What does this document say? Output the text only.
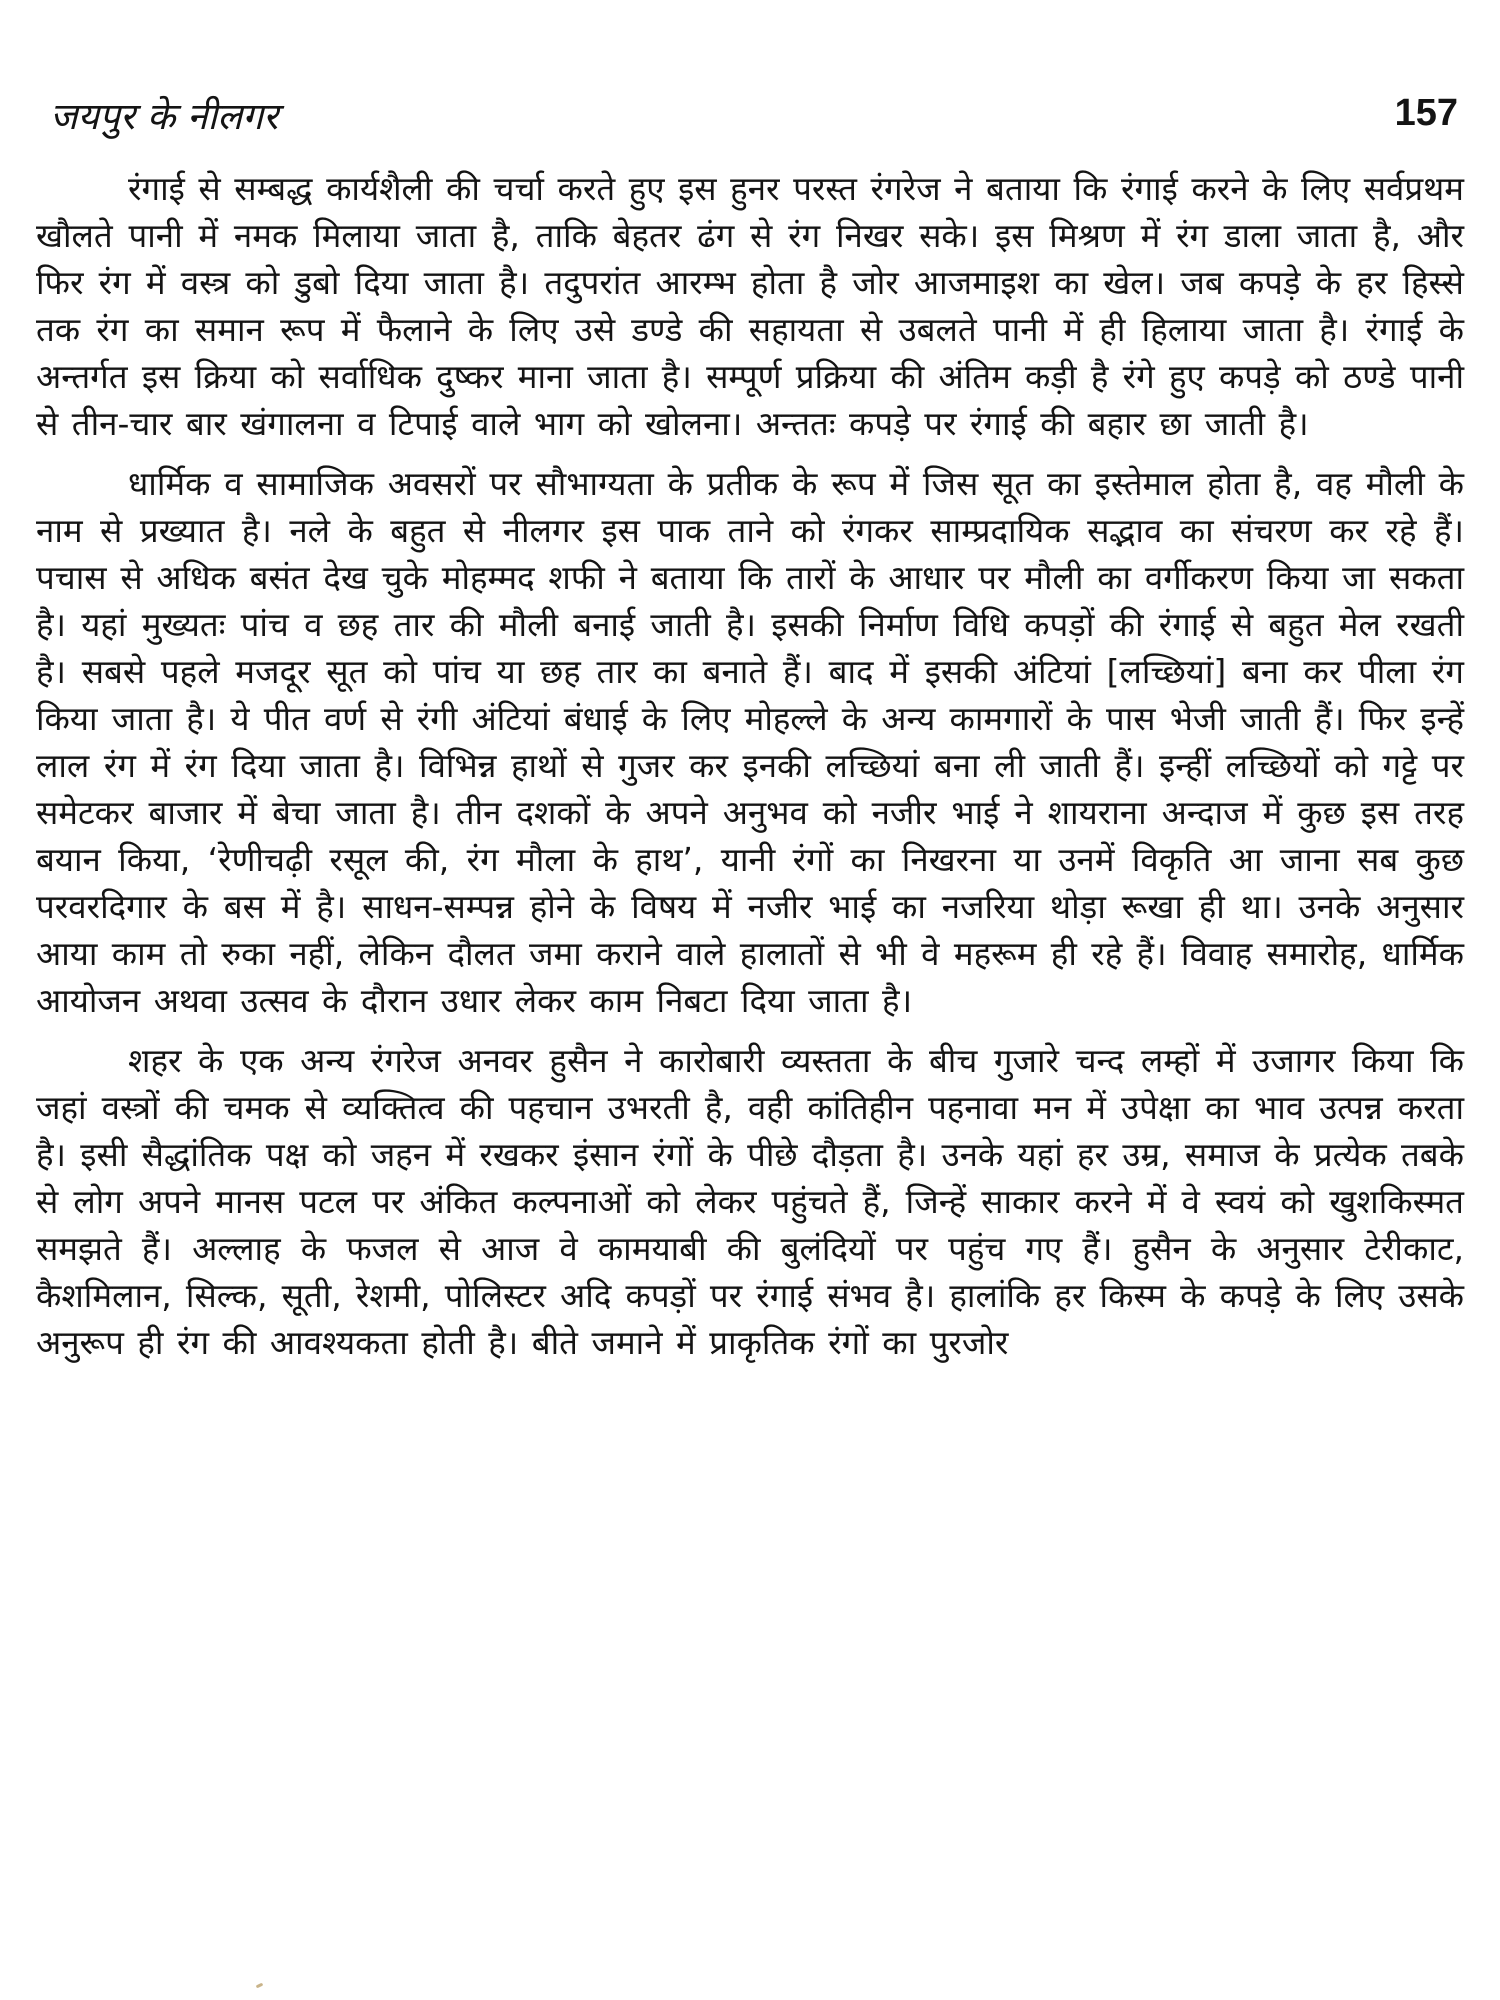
जयपुर के नीलगर	157

रंगाई से सम्बद्ध कार्यशैली की चर्चा करते हुए इस हुनर परस्त रंगरेज ने बताया कि रंगाई करने के लिए सर्वप्रथम खौलते पानी में नमक मिलाया जाता है, ताकि बेहतर ढंग से रंग निखर सके। इस मिश्रण में रंग डाला जाता है, और फिर रंग में वस्त्र को डुबो दिया जाता है। तदुपरांत आरम्भ होता है जोर आजमाइश का खेल। जब कपड़े के हर हिस्से तक रंग का समान रूप में फैलाने के लिए उसे डण्डे की सहायता से उबलते पानी में ही हिलाया जाता है। रंगाई के अन्तर्गत इस क्रिया को सर्वाधिक दुष्कर माना जाता है। सम्पूर्ण प्रक्रिया की अंतिम कड़ी है रंगे हुए कपड़े को ठण्डे पानी से तीन-चार बार खंगालना व टिपाई वाले भाग को खोलना। अन्ततः कपड़े पर रंगाई की बहार छा जाती है।

धार्मिक व सामाजिक अवसरों पर सौभाग्यता के प्रतीक के रूप में जिस सूत का इस्तेमाल होता है, वह मौली के नाम से प्रख्यात है। नले के बहुत से नीलगर इस पाक ताने को रंगकर साम्प्रदायिक सद्भाव का संचरण कर रहे हैं। पचास से अधिक बसंत देख चुके मोहम्मद शफी ने बताया कि तारों के आधार पर मौली का वर्गीकरण किया जा सकता है। यहां मुख्यतः पांच व छह तार की मौली बनाई जाती है। इसकी निर्माण विधि कपड़ों की रंगाई से बहुत मेल रखती है। सबसे पहले मजदूर सूत को पांच या छह तार का बनाते हैं। बाद में इसकी अंटियां [लच्छियां] बना कर पीला रंग किया जाता है। ये पीत वर्ण से रंगी अंटियां बंधाई के लिए मोहल्ले के अन्य कामगारों के पास भेजी जाती हैं। फिर इन्हें लाल रंग में रंग दिया जाता है। विभिन्न हाथों से गुजर कर इनकी लच्छियां बना ली जाती हैं। इन्हीं लच्छियों को गट्टे पर समेटकर बाजार में बेचा जाता है। तीन दशकों के अपने अनुभव को नजीर भाई ने शायराना अन्दाज में कुछ इस तरह बयान किया, ‘रेणीचढ़ी रसूल की, रंग मौला के हाथ’, यानी रंगों का निखरना या उनमें विकृति आ जाना सब कुछ परवरदिगार के बस में है। साधन-सम्पन्न होने के विषय में नजीर भाई का नजरिया थोड़ा रूखा ही था। उनके अनुसार आया काम तो रुका नहीं, लेकिन दौलत जमा कराने वाले हालातों से भी वे महरूम ही रहे हैं। विवाह समारोह, धार्मिक आयोजन अथवा उत्सव के दौरान उधार लेकर काम निबटा दिया जाता है।

शहर के एक अन्य रंगरेज अनवर हुसैन ने कारोबारी व्यस्तता के बीच गुजारे चन्द लम्हों में उजागर किया कि जहां वस्त्रों की चमक से व्यक्तित्व की पहचान उभरती है, वही कांतिहीन पहनावा मन में उपेक्षा का भाव उत्पन्न करता है। इसी सैद्धांतिक पक्ष को जहन में रखकर इंसान रंगों के पीछे दौड़ता है। उनके यहां हर उम्र, समाज के प्रत्येक तबके से लोग अपने मानस पटल पर अंकित कल्पनाओं को लेकर पहुंचते हैं, जिन्हें साकार करने में वे स्वयं को खुशकिस्मत समझते हैं। अल्लाह के फजल से आज वे कामयाबी की बुलंदियों पर पहुंच गए हैं। हुसैन के अनुसार टेरीकाट, कैशमिलान, सिल्क, सूती, रेशमी, पोलिस्टर अदि कपड़ों पर रंगाई संभव है। हालांकि हर किस्म के कपड़े के लिए उसके अनुरूप ही रंग की आवश्यकता होती है। बीते जमाने में प्राकृतिक रंगों का पुरजोर
